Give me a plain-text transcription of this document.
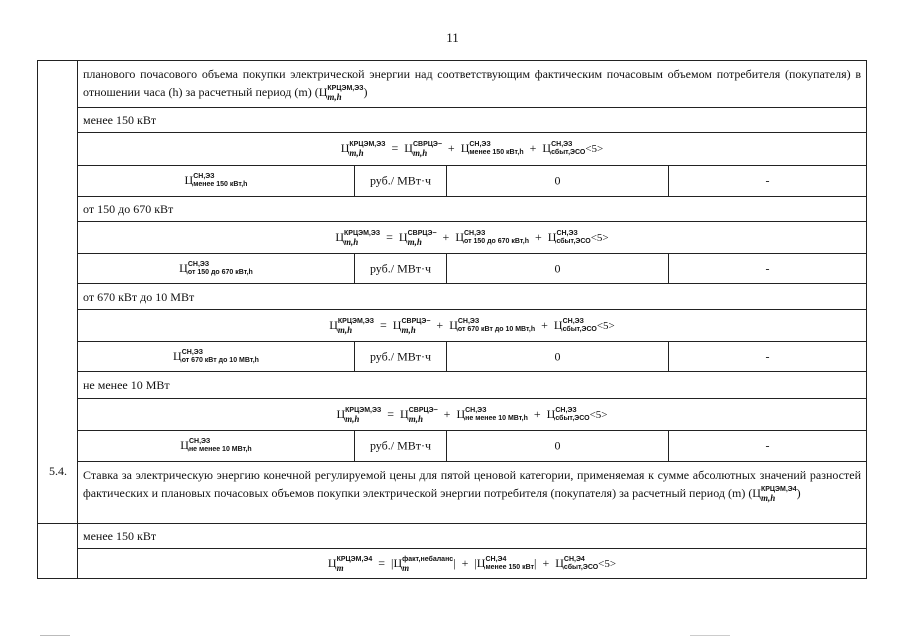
11
5.4.
планового почасового объема покупки электрической энергии над соответствующим фактическим почасовым объемом потребителя (покупателя) в отношении часа (h) за расчетный период (m) (Ц КРЦЭМ,ЭЗ
m,h	)
менее 150 кВт
Ц КРЦЭМ,ЭЗ
m,h	= Ц СВРЦЭ−
m,h	+ Ц СН,ЭЗ
менее 150 кВт,h + Ц СН,ЭЗ
сбыт,ЭСО <5>
Ц СН,ЭЗ
менее 150 кВт,h	руб./ МВт·ч	0	-
от 150 до 670 кВт
Ц КРЦЭМ,ЭЗ
m,h	= Ц СВРЦЭ−
m,h	+ Ц СН,ЭЗ
от 150 до 670 кВт,h + Ц СН,ЭЗ
сбыт,ЭСО <5>
Ц СН,ЭЗ
от 150 до 670 кВт,h	руб./ МВт·ч	0	-
от 670 кВт до 10 МВт
Ц КРЦЭМ,ЭЗ
m,h	= Ц СВРЦЭ−
m,h	+ Ц СН,ЭЗ
от 670 кВт до 10 МВт,h + Ц СН,ЭЗ
сбыт,ЭСО <5>
Ц СН,ЭЗ
от 670 кВт до 10 МВт,h	руб./ МВт·ч	0	-
не менее 10 МВт
Ц КРЦЭМ,ЭЗ
m,h	= Ц СВРЦЭ−
m,h	+ Ц СН,ЭЗ
не менее 10 МВт,h + Ц СН,ЭЗ
сбыт,ЭСО <5>
Ц СН,ЭЗ
не менее 10 МВт,h	руб./ МВт·ч	0	-
Ставка за электрическую энергию конечной регулируемой цены для пятой ценовой категории, применяемая к сумме абсолютных значений разностей фактических и плановых почасовых объемов покупки электрической энергии потребителя (покупателя) за расчетный период (m) (Ц КРЦЭМ,Э4
m,h	)
менее 150 кВт
Ц КРЦЭМ,Э4
m	= |Ц факт,небаланс
m	| + |Ц СН,Э4
менее 150 кВт | + Ц СН,Э4
сбыт,ЭСО <5>
